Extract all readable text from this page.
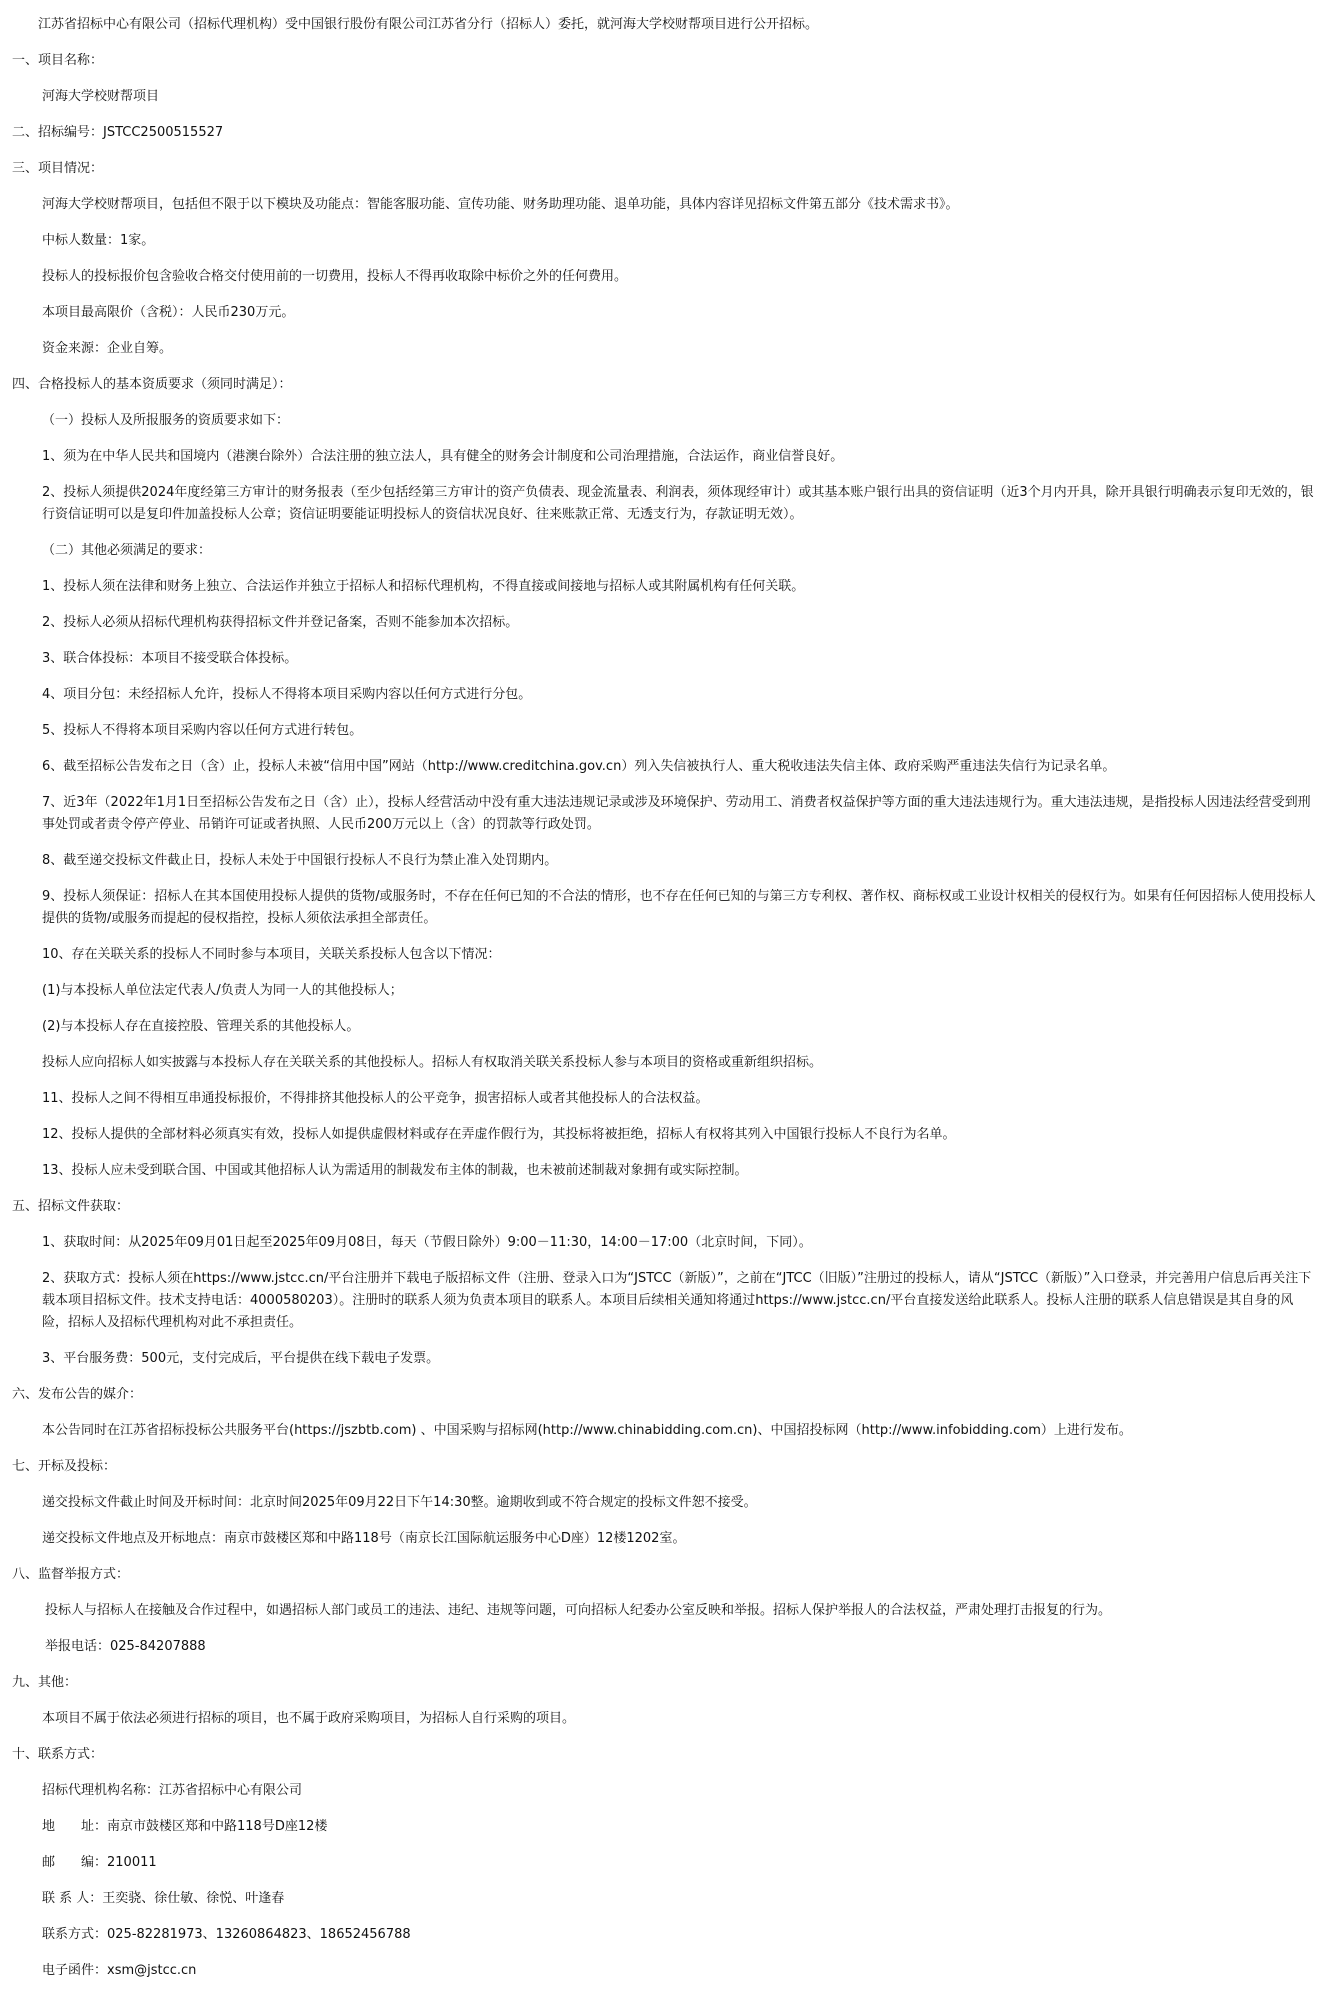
江苏省招标中心有限公司（招标代理机构）受中国银行股份有限公司江苏省分行（招标人）委托，就河海大学校财帮项目进行公开招标。

一、项目名称：

河海大学校财帮项目

二、招标编号：JSTCC2500515527

三、项目情况：

河海大学校财帮项目，包括但不限于以下模块及功能点：智能客服功能、宣传功能、财务助理功能、退单功能，具体内容详见招标文件第五部分《技术需求书》。

中标人数量：1家。

投标人的投标报价包含验收合格交付使用前的一切费用，投标人不得再收取除中标价之外的任何费用。

本项目最高限价（含税）：人民币230万元。

资金来源：企业自筹。

四、合格投标人的基本资质要求（须同时满足）：

（一）投标人及所报服务的资质要求如下：

1、须为在中华人民共和国境内（港澳台除外）合法注册的独立法人，具有健全的财务会计制度和公司治理措施，合法运作，商业信誉良好。

2、投标人须提供2024年度经第三方审计的财务报表（至少包括经第三方审计的资产负债表、现金流量表、利润表，须体现经审计）或其基本账户银行出具的资信证明（近3个月内开具，除开具银行明确表示复印无效的，银行资信证明可以是复印件加盖投标人公章；资信证明要能证明投标人的资信状况良好、往来账款正常、无透支行为，存款证明无效）。

（二）其他必须满足的要求：

1、投标人须在法律和财务上独立、合法运作并独立于招标人和招标代理机构，不得直接或间接地与招标人或其附属机构有任何关联。

2、投标人必须从招标代理机构获得招标文件并登记备案，否则不能参加本次招标。

3、联合体投标：本项目不接受联合体投标。

4、项目分包：未经招标人允许，投标人不得将本项目采购内容以任何方式进行分包。

5、投标人不得将本项目采购内容以任何方式进行转包。

6、截至招标公告发布之日（含）止，投标人未被“信用中国”网站（http://www.creditchina.gov.cn）列入失信被执行人、重大税收违法失信主体、政府采购严重违法失信行为记录名单。

7、近3年（2022年1月1日至招标公告发布之日（含）止），投标人经营活动中没有重大违法违规记录或涉及环境保护、劳动用工、消费者权益保护等方面的重大违法违规行为。重大违法违规，是指投标人因违法经营受到刑事处罚或者责令停产停业、吊销许可证或者执照、人民币200万元以上（含）的罚款等行政处罚。

8、截至递交投标文件截止日，投标人未处于中国银行投标人不良行为禁止准入处罚期内。

9、投标人须保证：招标人在其本国使用投标人提供的货物/或服务时，不存在任何已知的不合法的情形，也不存在任何已知的与第三方专利权、著作权、商标权或工业设计权相关的侵权行为。如果有任何因招标人使用投标人提供的货物/或服务而提起的侵权指控，投标人须依法承担全部责任。

10、存在关联关系的投标人不同时参与本项目，关联关系投标人包含以下情况：

(1)与本投标人单位法定代表人/负责人为同一人的其他投标人；

(2)与本投标人存在直接控股、管理关系的其他投标人。

投标人应向招标人如实披露与本投标人存在关联关系的其他投标人。招标人有权取消关联关系投标人参与本项目的资格或重新组织招标。

11、投标人之间不得相互串通投标报价，不得排挤其他投标人的公平竞争，损害招标人或者其他投标人的合法权益。

12、投标人提供的全部材料必须真实有效，投标人如提供虚假材料或存在弄虚作假行为，其投标将被拒绝，招标人有权将其列入中国银行投标人不良行为名单。

13、投标人应未受到联合国、中国或其他招标人认为需适用的制裁发布主体的制裁，也未被前述制裁对象拥有或实际控制。

五、招标文件获取：

1、获取时间：从2025年09月01日起至2025年09月08日，每天（节假日除外）9:00－11:30，14:00－17:00（北京时间，下同）。

2、获取方式：投标人须在https://www.jstcc.cn/平台注册并下载电子版招标文件（注册、登录入口为“JSTCC（新版）”，之前在“JTCC（旧版）”注册过的投标人，请从“JSTCC（新版）”入口登录，并完善用户信息后再关注下载本项目招标文件。技术支持电话：4000580203）。注册时的联系人须为负责本项目的联系人。本项目后续相关通知将通过https://www.jstcc.cn/平台直接发送给此联系人。投标人注册的联系人信息错误是其自身的风险，招标人及招标代理机构对此不承担责任。

3、平台服务费：500元，支付完成后，平台提供在线下载电子发票。

六、发布公告的媒介：

本公告同时在江苏省招标投标公共服务平台(https://jszbtb.com) 、中国采购与招标网(http://www.chinabidding.com.cn)、中国招投标网（http://www.infobidding.com）上进行发布。

七、开标及投标：

递交投标文件截止时间及开标时间：北京时间2025年09月22日下午14:30整。逾期收到或不符合规定的投标文件恕不接受。

递交投标文件地点及开标地点：南京市鼓楼区郑和中路118号（南京长江国际航运服务中心D座）12楼1202室。

八、监督举报方式：

投标人与招标人在接触及合作过程中，如遇招标人部门或员工的违法、违纪、违规等问题，可向招标人纪委办公室反映和举报。招标人保护举报人的合法权益，严肃处理打击报复的行为。

举报电话：025-84207888

九、其他：

本项目不属于依法必须进行招标的项目，也不属于政府采购项目，为招标人自行采购的项目。

十、联系方式：

招标代理机构名称：江苏省招标中心有限公司

地　　址：南京市鼓楼区郑和中路118号D座12楼

邮　　编：210011

联 系 人：王奕骁、徐仕敏、徐悦、叶逢春

联系方式：025-82281973、13260864823、18652456788

电子函件：xsm@jstcc.cn
